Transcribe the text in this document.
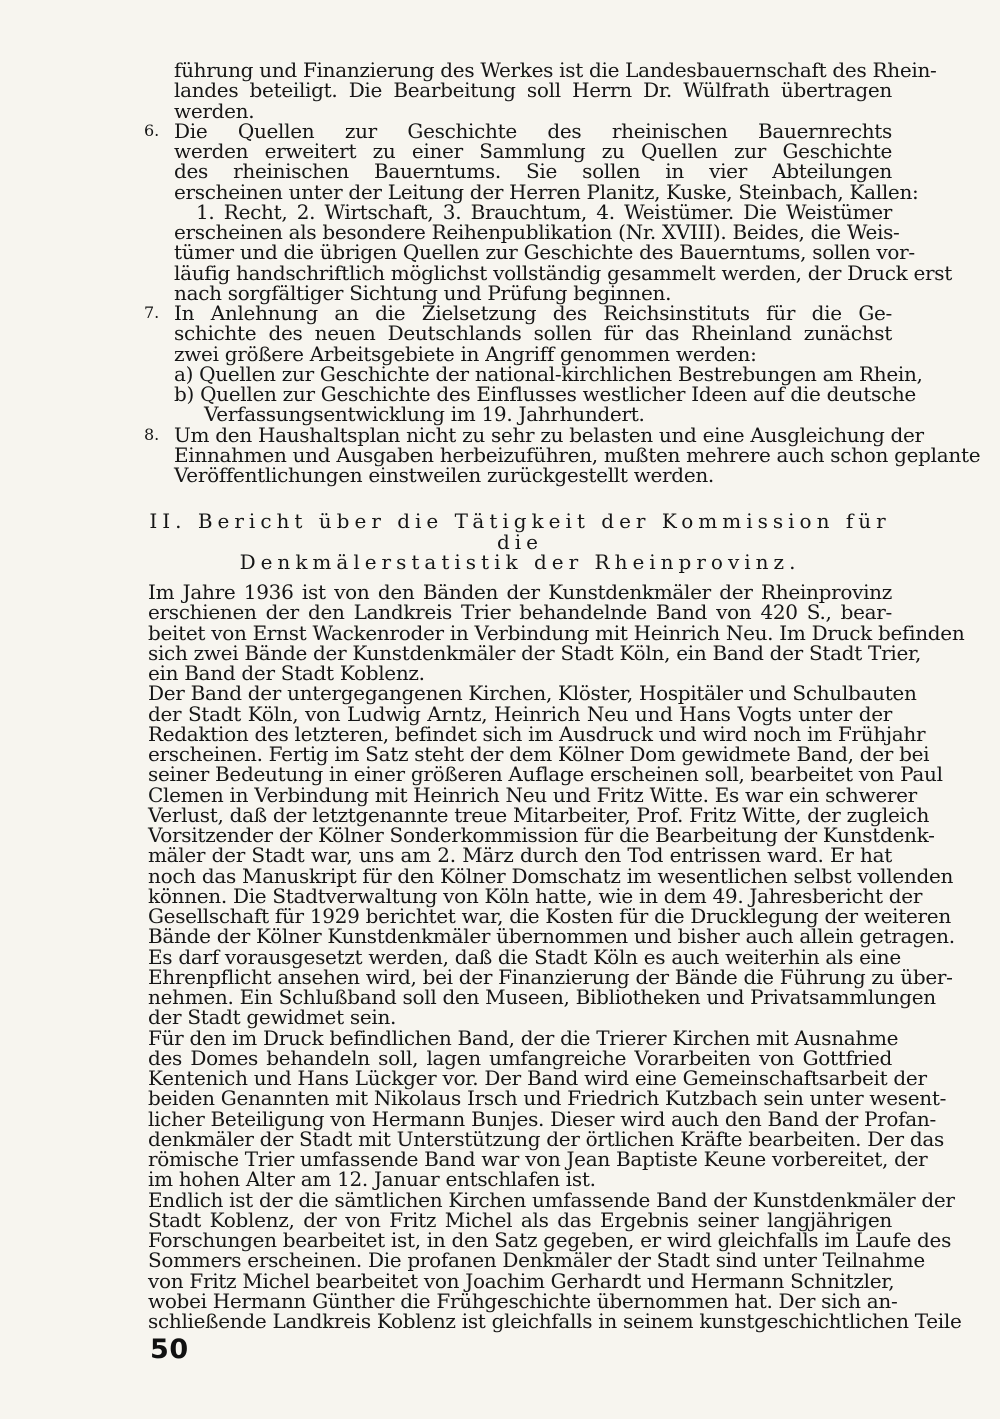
führung und Finanzierung des Werkes ist die Landesbauernschaft des Rhein-
landes beteiligt. Die Bearbeitung soll Herrn Dr. Wülfrath übertragen
werden.
6. Die Quellen zur Geschichte des rheinischen Bauernrechts
werden erweitert zu einer Sammlung zu Quellen zur Geschichte
des rheinischen Bauerntums. Sie sollen in vier Abteilungen
erscheinen unter der Leitung der Herren Planitz, Kuske, Steinbach, Kallen:
1. Recht, 2. Wirtschaft, 3. Brauchtum, 4. Weistümer. Die Weistümer
erscheinen als besondere Reihenpublikation (Nr. XVIII). Beides, die Weis-
tümer und die übrigen Quellen zur Geschichte des Bauerntums, sollen vor-
läufig handschriftlich möglichst vollständig gesammelt werden, der Druck erst
nach sorgfältiger Sichtung und Prüfung beginnen.
7. In Anlehnung an die Zielsetzung des Reichsinstituts für die Ge-
schichte des neuen Deutschlands sollen für das Rheinland zunächst
zwei größere Arbeitsgebiete in Angriff genommen werden:
a) Quellen zur Geschichte der national-kirchlichen Bestrebungen am Rhein,
b) Quellen zur Geschichte des Einflusses westlicher Ideen auf die deutsche
Verfassungsentwicklung im 19. Jahrhundert.
8. Um den Haushaltsplan nicht zu sehr zu belasten und eine Ausgleichung der
Einnahmen und Ausgaben herbeizuführen, mußten mehrere auch schon geplante
Veröffentlichungen einstweilen zurückgestellt werden.
II. Bericht über die Tätigkeit der Kommission für die
Denkmälerstatistik der Rheinprovinz.
Im Jahre 1936 ist von den Bänden der Kunstdenkmäler der Rheinprovinz
erschienen der den Landkreis Trier behandelnde Band von 420 S., bear-
beitet von Ernst Wackenroder in Verbindung mit Heinrich Neu. Im Druck befinden
sich zwei Bände der Kunstdenkmäler der Stadt Köln, ein Band der Stadt Trier,
ein Band der Stadt Koblenz.
Der Band der untergegangenen Kirchen, Klöster, Hospitäler und Schulbauten
der Stadt Köln, von Ludwig Arntz, Heinrich Neu und Hans Vogts unter der
Redaktion des letzteren, befindet sich im Ausdruck und wird noch im Frühjahr
erscheinen. Fertig im Satz steht der dem Kölner Dom gewidmete Band, der bei
seiner Bedeutung in einer größeren Auflage erscheinen soll, bearbeitet von Paul
Clemen in Verbindung mit Heinrich Neu und Fritz Witte. Es war ein schwerer
Verlust, daß der letztgenannte treue Mitarbeiter, Prof. Fritz Witte, der zugleich
Vorsitzender der Kölner Sonderkommission für die Bearbeitung der Kunstdenk-
mäler der Stadt war, uns am 2. März durch den Tod entrissen ward. Er hat
noch das Manuskript für den Kölner Domschatz im wesentlichen selbst vollenden
können. Die Stadtverwaltung von Köln hatte, wie in dem 49. Jahresbericht der
Gesellschaft für 1929 berichtet war, die Kosten für die Drucklegung der weiteren
Bände der Kölner Kunstdenkmäler übernommen und bisher auch allein getragen.
Es darf vorausgesetzt werden, daß die Stadt Köln es auch weiterhin als eine
Ehrenpflicht ansehen wird, bei der Finanzierung der Bände die Führung zu über-
nehmen. Ein Schlußband soll den Museen, Bibliotheken und Privatsammlungen
der Stadt gewidmet sein.
Für den im Druck befindlichen Band, der die Trierer Kirchen mit Ausnahme
des Domes behandeln soll, lagen umfangreiche Vorarbeiten von Gottfried
Kentenich und Hans Lückger vor. Der Band wird eine Gemeinschaftsarbeit der
beiden Genannten mit Nikolaus Irsch und Friedrich Kutzbach sein unter wesent-
licher Beteiligung von Hermann Bunjes. Dieser wird auch den Band der Profan-
denkmäler der Stadt mit Unterstützung der örtlichen Kräfte bearbeiten. Der das
römische Trier umfassende Band war von Jean Baptiste Keune vorbereitet, der
im hohen Alter am 12. Januar entschlafen ist.
Endlich ist der die sämtlichen Kirchen umfassende Band der Kunstdenkmäler der
Stadt Koblenz, der von Fritz Michel als das Ergebnis seiner langjährigen
Forschungen bearbeitet ist, in den Satz gegeben, er wird gleichfalls im Laufe des
Sommers erscheinen. Die profanen Denkmäler der Stadt sind unter Teilnahme
von Fritz Michel bearbeitet von Joachim Gerhardt und Hermann Schnitzler,
wobei Hermann Günther die Frühgeschichte übernommen hat. Der sich an-
schließende Landkreis Koblenz ist gleichfalls in seinem kunstgeschichtlichen Teile
50
